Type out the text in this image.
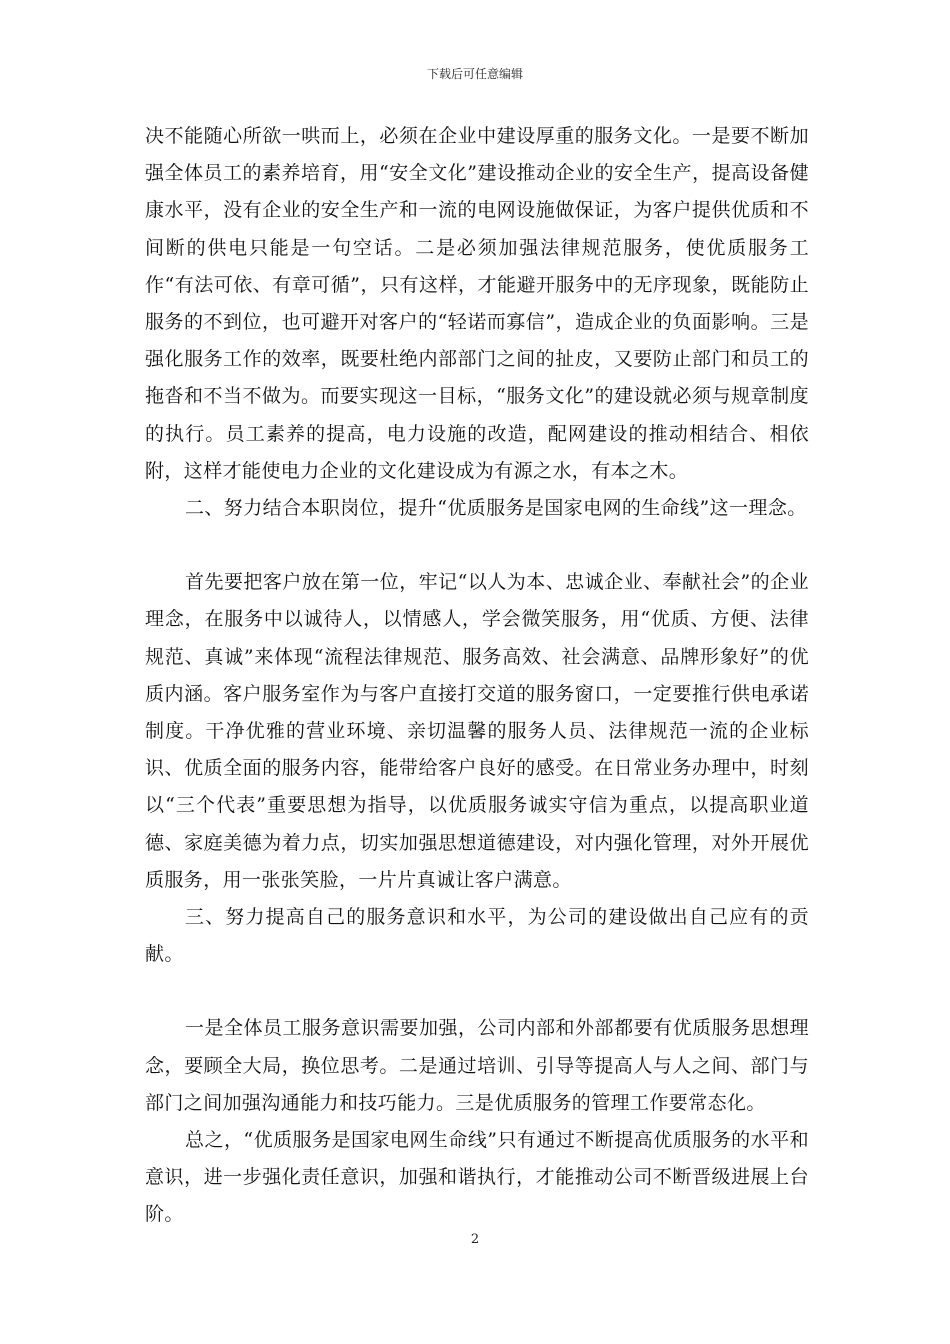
下载后可任意编辑

决不能随心所欲一哄而上，必须在企业中建设厚重的服务文化。一是要不断加强全体员工的素养培育，用“安全文化”建设推动企业的安全生产，提高设备健康水平，没有企业的安全生产和一流的电网设施做保证，为客户提供优质和不间断的供电只能是一句空话。二是必须加强法律规范服务，使优质服务工作“有法可依、有章可循”，只有这样，才能避开服务中的无序现象，既能防止服务的不到位，也可避开对客户的“轻诺而寡信”，造成企业的负面影响。三是强化服务工作的效率，既要杜绝内部部门之间的扯皮，又要防止部门和员工的拖沓和不当不做为。而要实现这一目标，“服务文化”的建设就必须与规章制度的执行。员工素养的提高，电力设施的改造，配网建设的推动相结合、相依附，这样才能使电力企业的文化建设成为有源之水，有本之木。

二、努力结合本职岗位，提升“优质服务是国家电网的生命线”这一理念。

首先要把客户放在第一位，牢记“以人为本、忠诚企业、奉献社会”的企业理念，在服务中以诚待人，以情感人，学会微笑服务，用“优质、方便、法律规范、真诚”来体现“流程法律规范、服务高效、社会满意、品牌形象好”的优质内涵。客户服务室作为与客户直接打交道的服务窗口，一定要推行供电承诺制度。干净优雅的营业环境、亲切温馨的服务人员、法律规范一流的企业标识、优质全面的服务内容，能带给客户良好的感受。在日常业务办理中，时刻以“三个代表”重要思想为指导，以优质服务诚实守信为重点，以提高职业道德、家庭美德为着力点，切实加强思想道德建设，对内强化管理，对外开展优质服务，用一张张笑脸，一片片真诚让客户满意。

三、努力提高自己的服务意识和水平，为公司的建设做出自己应有的贡献。

一是全体员工服务意识需要加强，公司内部和外部都要有优质服务思想理念，要顾全大局，换位思考。二是通过培训、引导等提高人与人之间、部门与部门之间加强沟通能力和技巧能力。三是优质服务的管理工作要常态化。

总之，“优质服务是国家电网生命线”只有通过不断提高优质服务的水平和意识，进一步强化责任意识，加强和谐执行，才能推动公司不断晋级进展上台阶。

2
